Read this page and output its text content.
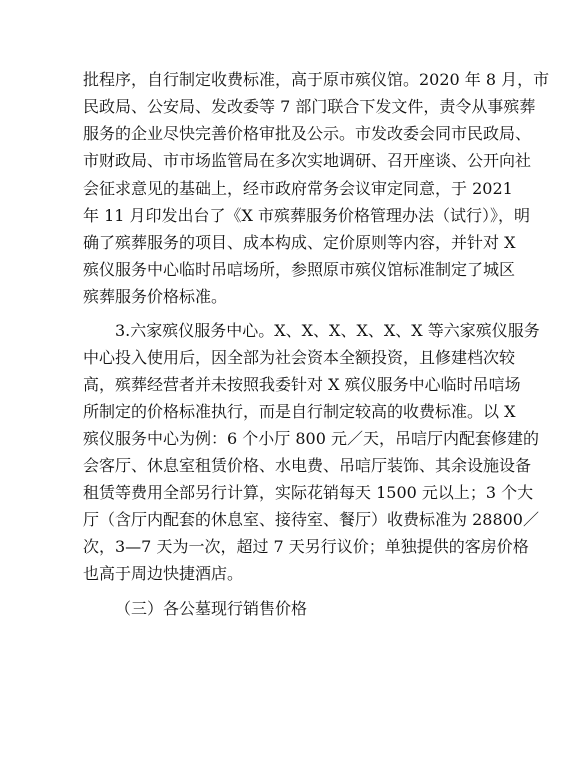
批程序，自行制定收费标准，高于原市殡仪馆。2020 年 8 月，市
民政局、公安局、发改委等 7 部门联合下发文件，责令从事殡葬
服务的企业尽快完善价格审批及公示。市发改委会同市民政局、
市财政局、市市场监管局在多次实地调研、召开座谈、公开向社
会征求意见的基础上，经市政府常务会议审定同意，于 2021
年 11 月印发出台了《X 市殡葬服务价格管理办法（试行）》，明
确了殡葬服务的项目、成本构成、定价原则等内容，并针对 X
殡仪服务中心临时吊唁场所，参照原市殡仪馆标准制定了城区
殡葬服务价格标准。
3.六家殡仪服务中心。X、X、X、X、X、X 等六家殡仪服务
中心投入使用后，因全部为社会资本全额投资，且修建档次较
高，殡葬经营者并未按照我委针对 X 殡仪服务中心临时吊唁场
所制定的价格标准执行，而是自行制定较高的收费标准。以 X
殡仪服务中心为例：6 个小厅 800 元／天，吊唁厅内配套修建的
会客厅、休息室租赁价格、水电费、吊唁厅装饰、其余设施设备
租赁等费用全部另行计算，实际花销每天 1500 元以上；3 个大
厅（含厅内配套的休息室、接待室、餐厅）收费标准为 28800／
次，3—7 天为一次，超过 7 天另行议价；单独提供的客房价格
也高于周边快捷酒店。
（三）各公墓现行销售价格
